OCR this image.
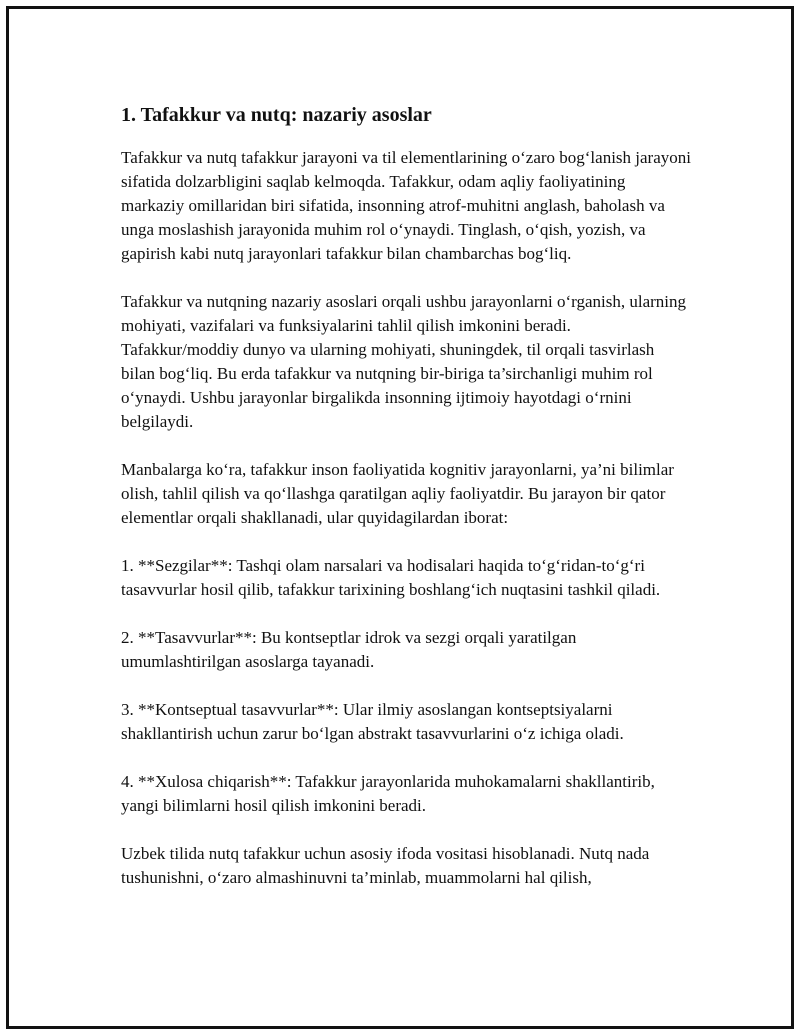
1. Tafakkur va nutq: nazariy asoslar

Tafakkur va nutq tafakkur jarayoni va til elementlarining o‘zaro bog‘lanish jarayoni sifatida dolzarbligini saqlab kelmoqda. Tafakkur, odam aqliy faoliyatining markaziy omillaridan biri sifatida, insonning atrof-muhitni anglash, baholash va unga moslashish jarayonida muhim rol o‘ynaydi. Tinglash, o‘qish, yozish, va gapirish kabi nutq jarayonlari tafakkur bilan chambarchas bog‘liq.

Tafakkur va nutqning nazariy asoslari orqali ushbu jarayonlarni o‘rganish, ularning mohiyati, vazifalari va funksiyalarini tahlil qilish imkonini beradi. Tafakkur/moddiy dunyo va ularning mohiyati, shuningdek, til orqali tasvirlash bilan bog‘liq. Bu erda tafakkur va nutqning bir-biriga ta’sirchanligi muhim rol o‘ynaydi. Ushbu jarayonlar birgalikda insonning ijtimoiy hayotdagi o‘rnini belgilaydi.

Manbalarga ko‘ra, tafakkur inson faoliyatida kognitiv jarayonlarni, ya’ni bilimlar olish, tahlil qilish va qo‘llashga qaratilgan aqliy faoliyatdir. Bu jarayon bir qator elementlar orqali shakllanadi, ular quyidagilardan iborat:

1. **Sezgilar**: Tashqi olam narsalari va hodisalari haqida to‘g‘ridan-to‘g‘ri tasavvurlar hosil qilib, tafakkur tarixining boshlang‘ich nuqtasini tashkil qiladi.

2. **Tasavvurlar**: Bu kontseptlar idrok va sezgi orqali yaratilgan umumlashtirilgan asoslarga tayanadi.

3. **Kontseptual tasavvurlar**: Ular ilmiy asoslangan kontseptsiyalarni shakllantirish uchun zarur bo‘lgan abstrakt tasavvurlarini o‘z ichiga oladi.

4. **Xulosa chiqarish**: Tafakkur jarayonlarida muhokamalarni shakllantirib, yangi bilimlarni hosil qilish imkonini beradi.

Uzbek tilida nutq tafakkur uchun asosiy ifoda vositasi hisoblanadi. Nutq nada tushunishni, o‘zaro almashinuvni ta’minlab, muammolarni hal qilish,
